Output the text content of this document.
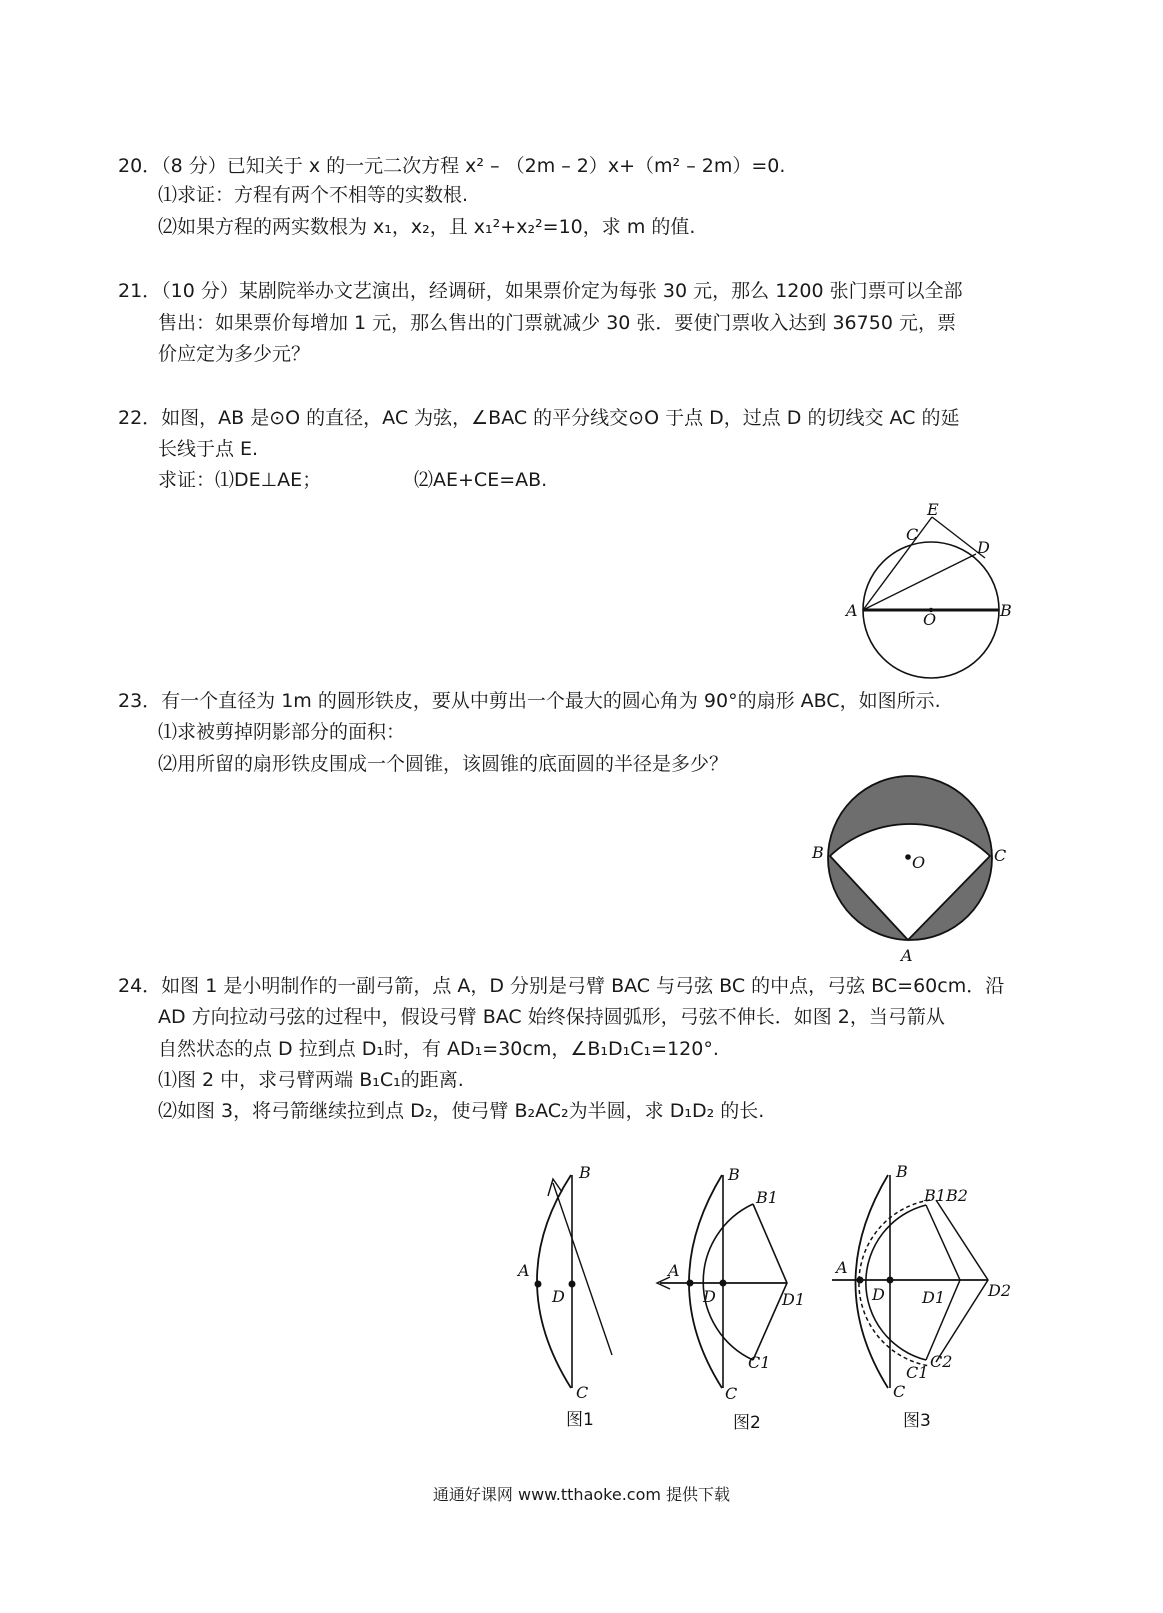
20．（8 分）已知关于 x 的一元二次方程 x² – （2m – 2）x+（m² – 2m）=0.
⑴求证：方程有两个不相等的实数根.
⑵如果方程的两实数根为 x₁，x₂，且 x₁²+x₂²=10，求 m 的值.
21．（10 分）某剧院举办文艺演出，经调研，如果票价定为每张 30 元，那么 1200 张门票可以全部
售出：如果票价每增加 1 元，那么售出的门票就减少 30 张．要使门票收入达到 36750 元，票
价应定为多少元？
22．如图，AB 是⊙O 的直径，AC 为弦，∠BAC 的平分线交⊙O 于点 D，过点 D 的切线交 AC 的延
长线于点 E.
求证：⑴DE⊥AE；	⑵AE+CE=AB.
E
C
D
A	O	B
23．有一个直径为 1m 的圆形铁皮，要从中剪出一个最大的圆心角为 90°的扇形 ABC，如图所示.
⑴求被剪掉阴影部分的面积：
⑵用所留的扇形铁皮围成一个圆锥，该圆锥的底面圆的半径是多少？
B	C
O
A
24．如图 1 是小明制作的一副弓箭，点 A，D 分别是弓臂 BAC 与弓弦 BC 的中点，弓弦 BC=60cm．沿
AD 方向拉动弓弦的过程中，假设弓臂 BAC 始终保持圆弧形，弓弦不伸长．如图 2，当弓箭从
自然状态的点 D 拉到点 D₁时，有 AD₁=30cm，∠B₁D₁C₁=120°.
⑴图 2 中，求弓臂两端 B₁C₁的距离.
⑵如图 3，将弓箭继续拉到点 D₂，使弓臂 B₂AC₂为半圆，求 D₁D₂ 的长.
B
A
D
C
图1
B
B1
A
D	D1
C1
C
图2
B
B1B2
A
D D1	D2
C1
C2
C
图3
通通好课网 www.tthaoke.com 提供下载
